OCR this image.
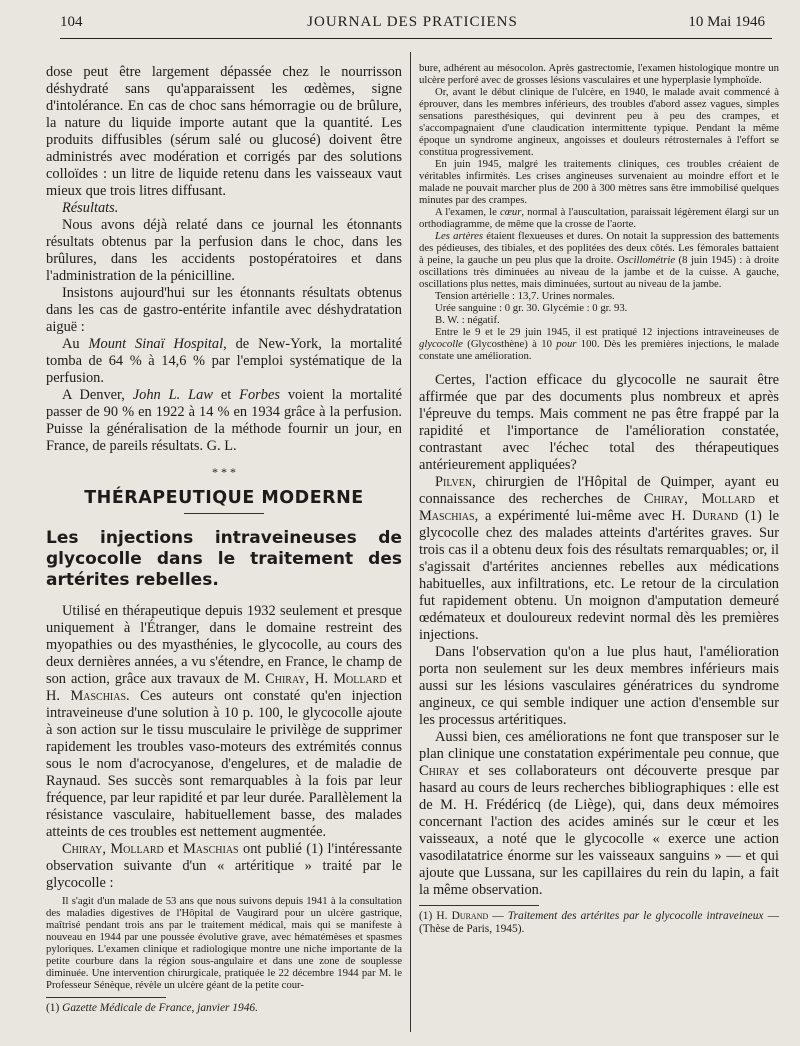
104	JOURNAL DES PRATICIENS	10 Mai 1946

dose peut être largement dépassée chez le nourrisson déshydraté sans qu'apparaissent les œdèmes, signe d'intolérance. En cas de choc sans hémorragie ou de brûlure, la nature du liquide importe autant que la quantité. Les produits diffusibles (sérum salé ou glucosé) doivent être administrés avec modération et corrigés par des solutions colloïdes : un litre de liquide retenu dans les vaisseaux vaut mieux que trois litres diffusant.

Résultats.

Nous avons déjà relaté dans ce journal les étonnants résultats obtenus par la perfusion dans le choc, dans les brûlures, dans les accidents postopératoires et dans l'administration de la pénicilline.

Insistons aujourd'hui sur les étonnants résultats obtenus dans les cas de gastro-entérite infantile avec déshydratation aiguë :

Au Mount Sinaï Hospital, de New-York, la mortalité tomba de 64 % à 14,6 % par l'emploi systématique de la perfusion.

A Denver, John L. Law et Forbes voient la mortalité passer de 90 % en 1922 à 14 % en 1934 grâce à la perfusion. Puisse la généralisation de la méthode fournir un jour, en France, de pareils résultats. G. L.

* * *

THÉRAPEUTIQUE MODERNE

Les injections intraveineuses de glycocolle dans le traitement des artérites rebelles.

Utilisé en thérapeutique depuis 1932 seulement et presque uniquement à l'Étranger, dans le domaine restreint des myopathies ou des myasthénies, le glycocolle, au cours des deux dernières années, a vu s'étendre, en France, le champ de son action, grâce aux travaux de M. Chiray, H. Mollard et H. Maschias. Ces auteurs ont constaté qu'en injection intraveineuse d'une solution à 10 p. 100, le glycocolle ajoute à son action sur le tissu musculaire le privilège de supprimer rapidement les troubles vaso-moteurs des extrémités connus sous le nom d'acrocyanose, d'engelures, et de maladie de Raynaud. Ses succès sont remarquables à la fois par leur fréquence, par leur rapidité et par leur durée. Parallèlement la résistance vasculaire, habituellement basse, des malades atteints de ces troubles est nettement augmentée.

Chiray, Mollard et Maschias ont publié (1) l'intéressante observation suivante d'un « artéritique » traité par le glycocolle :

Il s'agit d'un malade de 53 ans que nous suivons depuis 1941 à la consultation des maladies digestives de l'Hôpital de Vaugirard pour un ulcère gastrique, maîtrisé pendant trois ans par le traitement médical, mais qui se manifeste à nouveau en 1944 par une poussée évolutive grave, avec hématémèses et spasmes pyloriques. L'examen clinique et radiologique montre une niche importante de la petite courbure dans la région sous-angulaire et dans une zone de souplesse diminuée. Une intervention chirurgicale, pratiquée le 22 décembre 1944 par M. le Professeur Sénèque, révèle un ulcère géant de la petite cour-

(1) Gazette Médicale de France, janvier 1946.

bure, adhérent au mésocolon. Après gastrectomie, l'examen histologique montre un ulcère perforé avec de grosses lésions vasculaires et une hyperplasie lymphoïde.

Or, avant le début clinique de l'ulcère, en 1940, le malade avait commencé à éprouver, dans les membres inférieurs, des troubles d'abord assez vagues, simples sensations paresthésiques, qui devinrent peu à peu des crampes, et s'accompagnaient d'une claudication intermittente typique. Pendant la même époque un syndrome angineux, angoisses et douleurs rétrosternales à l'effort se constitua progressivement.

En juin 1945, malgré les traitements cliniques, ces troubles créaient de véritables infirmités. Les crises angineuses survenaient au moindre effort et le malade ne pouvait marcher plus de 200 à 300 mètres sans être immobilisé quelques minutes par des crampes.

A l'examen, le cœur, normal à l'auscultation, paraissait légèrement élargi sur un orthodiagramme, de même que la crosse de l'aorte.

Les artères étaient flexueuses et dures. On notait la suppression des battements des pédieuses, des tibiales, et des poplitées des deux côtés. Les fémorales battaient à peine, la gauche un peu plus que la droite. Oscillométrie (8 juin 1945) : à droite oscillations très diminuées au niveau de la jambe et de la cuisse. A gauche, oscillations plus nettes, mais diminuées, surtout au niveau de la jambe.

Tension artérielle : 13,7. Urines normales.

Urée sanguine : 0 gr. 30. Glycémie : 0 gr. 93.

B. W. : négatif.

Entre le 9 et le 29 juin 1945, il est pratiqué 12 injections intraveineuses de glycocolle (Glycosthène) à 10 pour 100. Dès les premières injections, le malade constate une amélioration.

Certes, l'action efficace du glycocolle ne saurait être affirmée que par des documents plus nombreux et après l'épreuve du temps. Mais comment ne pas être frappé par la rapidité et l'importance de l'amélioration constatée, contrastant avec l'échec total des thérapeutiques antérieurement appliquées?

Pilven, chirurgien de l'Hôpital de Quimper, ayant eu connaissance des recherches de Chiray, Mollard et Maschias, a expérimenté lui-même avec H. Durand (1) le glycocolle chez des malades atteints d'artérites graves. Sur trois cas il a obtenu deux fois des résultats remarquables; or, il s'agissait d'artérites anciennes rebelles aux médications habituelles, aux infiltrations, etc. Le retour de la circulation fut rapidement obtenu. Un moignon d'amputation demeuré œdémateux et douloureux redevint normal dès les premières injections.

Dans l'observation qu'on a lue plus haut, l'amélioration porta non seulement sur les deux membres inférieurs mais aussi sur les lésions vasculaires génératrices du syndrome angineux, ce qui semble indiquer une action d'ensemble sur les processus artéritiques.

Aussi bien, ces améliorations ne font que transposer sur le plan clinique une constatation expérimentale peu connue, que Chiray et ses collaborateurs ont découverte presque par hasard au cours de leurs recherches bibliographiques : elle est de M. H. Frédéricq (de Liège), qui, dans deux mémoires concernant l'action des acides aminés sur le cœur et les vaisseaux, a noté que le glycocolle « exerce une action vasodilatatrice énorme sur les vaisseaux sanguins » — et qui ajoute que Lussana, sur les capillaires du rein du lapin, a fait la même observation.

(1) H. Durand — Traitement des artérites par le glycocolle intraveineux — (Thèse de Paris, 1945).
